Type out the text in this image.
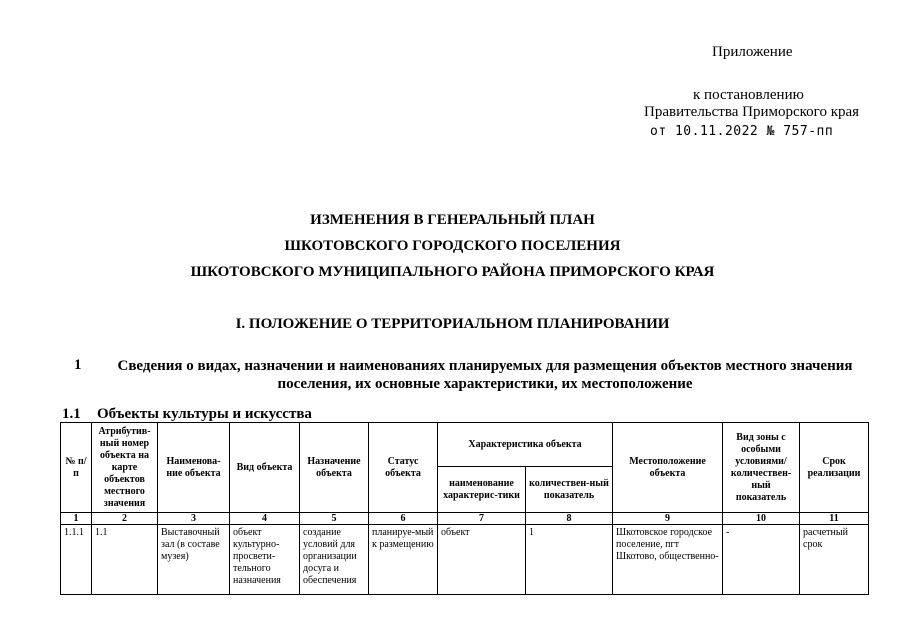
Приложение
к постановлению
Правительства Приморского края
от 10.11.2022 № 757-пп
ИЗМЕНЕНИЯ В ГЕНЕРАЛЬНЫЙ ПЛАН
ШКОТОВСКОГО ГОРОДСКОГО ПОСЕЛЕНИЯ
ШКОТОВСКОГО МУНИЦИПАЛЬНОГО РАЙОНА ПРИМОРСКОГО КРАЯ
I. ПОЛОЖЕНИЕ О ТЕРРИТОРИАЛЬНОМ ПЛАНИРОВАНИИ
1	Сведения о видах, назначении и наименованиях планируемых для размещения объектов местного значения поселения, их основные характеристики, их местоположение
1.1 Объекты культуры и искусства
№ п/п	Атрибутив-ный номер объекта на карте объектов местного значения	Наименова-ние объекта	Вид объекта	Назначение объекта	Статус объекта	Характеристика объекта		Местоположение объекта	Вид зоны с особыми условиями/ количествен-ный показатель	Срок реализации
						наименование характерис-тики	количествен-ный показатель			
1	2	3	4	5	6	7	8	9	10	11
1.1.1	1.1	Выставочный зал (в составе музея)	объект культурно-просвети-тельного назначения	создание условий для организации досуга и обеспечения	планируе-мый к размещению	объект	1	Шкотовское городское поселение, пгт Шкотово, общественно-	-	расчетный срок
